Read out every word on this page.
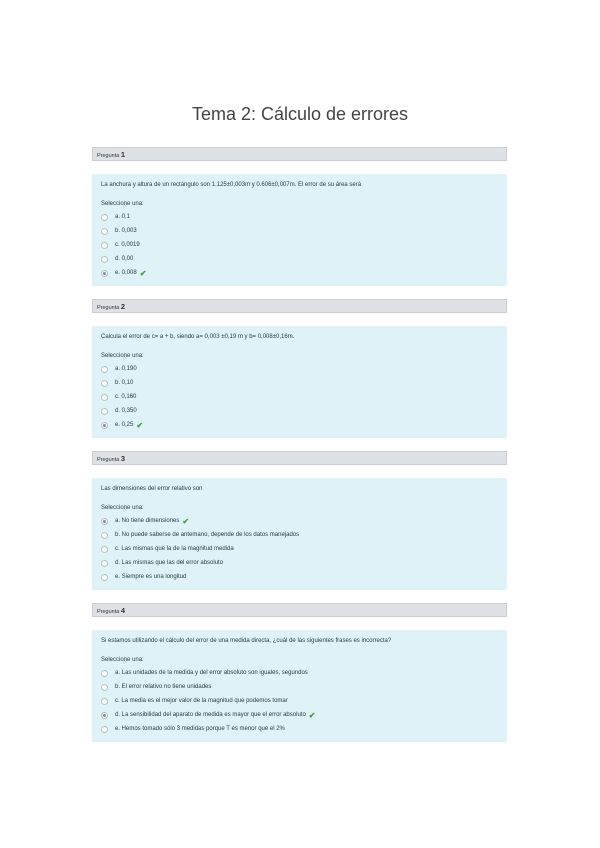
Tema 2: Cálculo de errores
Pregunta 1

La anchura y altura de un rectángulo son 1.125±0,003m y 0.606±0,007m. El error de su área será

Seleccione una:

a. 0,1
b. 0,003
c. 0,0019
d. 0,00
e. 0,008 ✔
Pregunta 2

Calcula el error de c= a + b, siendo a= 0,003 ±0,19 m y b= 0,008±0,16m.

Seleccione una:

a. 0,190
b. 0,10
c. 0,160
d. 0,350
e. 0,25 ✔
Pregunta 3

Las dimensiones del error relativo son

Seleccione una:

a. No tiene dimensiones ✔
b. No puede saberse de antemano, depende de los datos manejados
c. Las mismas que la de la magnitud medida
d. Las mismas que las del error absoluto
e. Siempre es una longitud
Pregunta 4

Si estamos utilizando el cálculo del error de una medida directa, ¿cuál de las siguientes frases es incorrecta?

Seleccione una:

a. Las unidades de la medida y del error absoluto son iguales, segundos
b. El error relativo no tiene unidades
c. La media es el mejor valor de la magnitud que podemos tomar
d. La sensibilidad del aparato de medida es mayor que el error absoluto ✔
e. Hemos tomado sólo 3 medidas porque T es menor que el 2%
